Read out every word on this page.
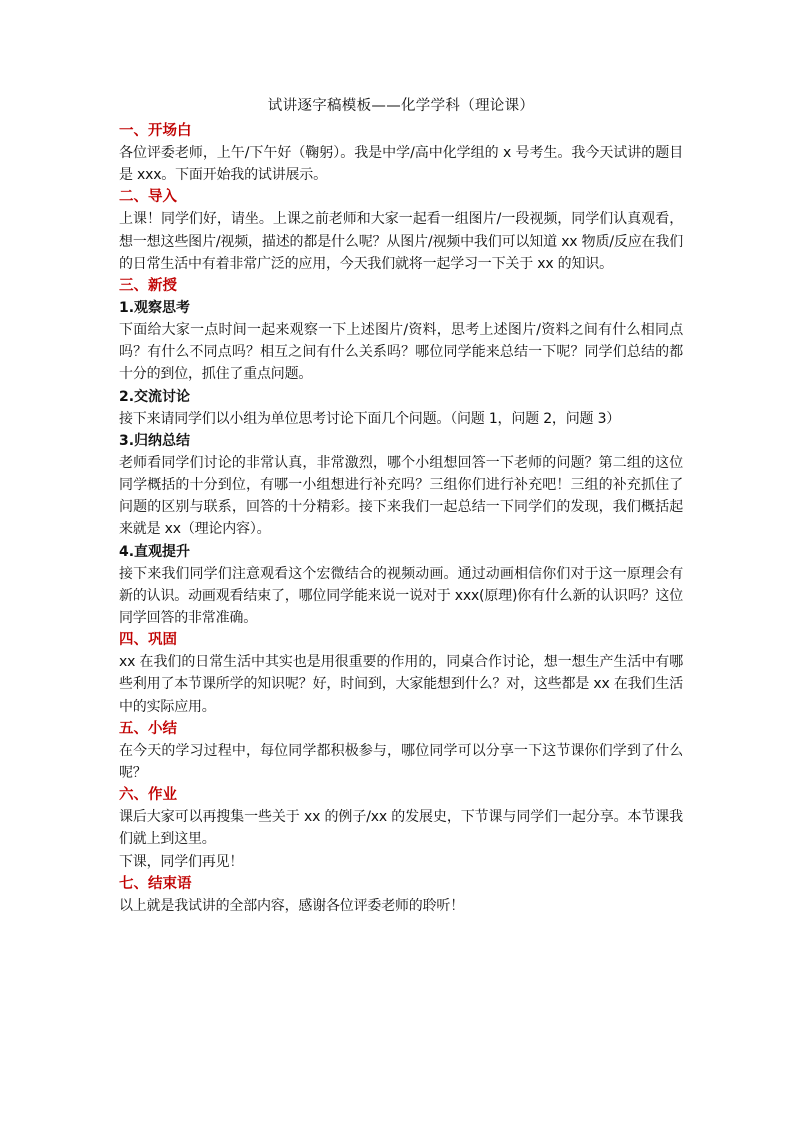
试讲逐字稿模板——化学学科（理论课）
一、开场白

各位评委老师，上午/下午好（鞠躬）。我是中学/高中化学组的 x 号考生。我今天试讲的题目是 xxx。下面开始我的试讲展示。

二、导入

上课！同学们好，请坐。上课之前老师和大家一起看一组图片/一段视频，同学们认真观看，想一想这些图片/视频，描述的都是什么呢？从图片/视频中我们可以知道 xx 物质/反应在我们的日常生活中有着非常广泛的应用，今天我们就将一起学习一下关于 xx 的知识。

三、新授
1.观察思考

下面给大家一点时间一起来观察一下上述图片/资料，思考上述图片/资料之间有什么相同点吗？有什么不同点吗？相互之间有什么关系吗？哪位同学能来总结一下呢？同学们总结的都十分的到位，抓住了重点问题。

2.交流讨论

接下来请同学们以小组为单位思考讨论下面几个问题。（问题 1，问题 2，问题 3）

3.归纳总结

老师看同学们讨论的非常认真，非常激烈，哪个小组想回答一下老师的问题？第二组的这位同学概括的十分到位，有哪一小组想进行补充吗？三组你们进行补充吧！三组的补充抓住了问题的区别与联系，回答的十分精彩。接下来我们一起总结一下同学们的发现，我们概括起来就是 xx（理论内容）。

4.直观提升

接下来我们同学们注意观看这个宏微结合的视频动画。通过动画相信你们对于这一原理会有新的认识。动画观看结束了，哪位同学能来说一说对于 xxx(原理)你有什么新的认识吗？这位同学回答的非常准确。

四、巩固

xx 在我们的日常生活中其实也是用很重要的作用的，同桌合作讨论，想一想生产生活中有哪些利用了本节课所学的知识呢？好，时间到，大家能想到什么？对，这些都是 xx 在我们生活中的实际应用。

五、小结

在今天的学习过程中，每位同学都积极参与，哪位同学可以分享一下这节课你们学到了什么呢？

六、作业

课后大家可以再搜集一些关于 xx 的例子/xx 的发展史，下节课与同学们一起分享。本节课我们就上到这里。

下课，同学们再见！

七、结束语

以上就是我试讲的全部内容，感谢各位评委老师的聆听！
